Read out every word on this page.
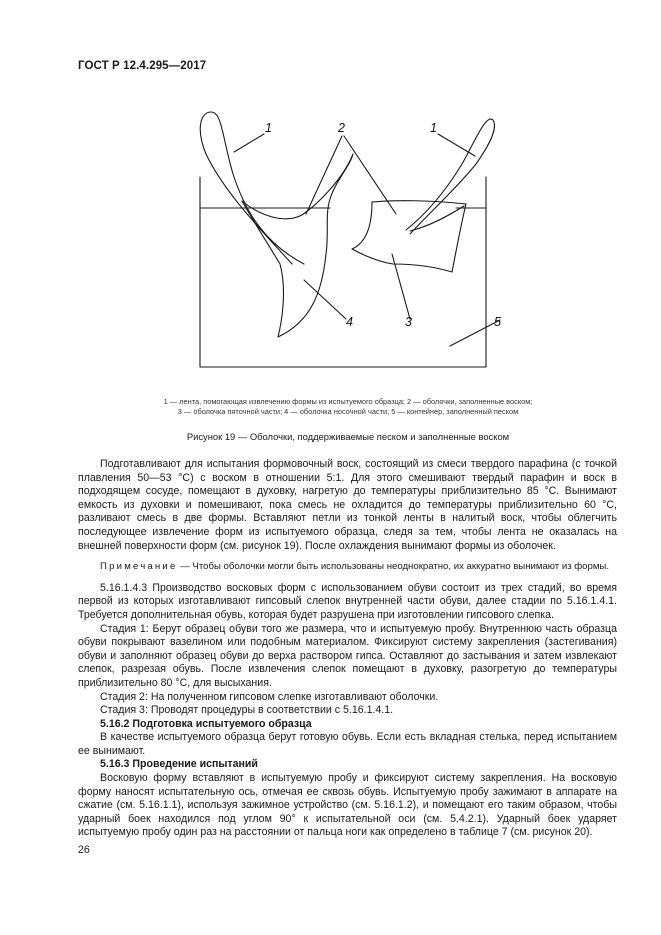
ГОСТ Р 12.4.295—2017
1	2	1
4	3	5
1 — лента, помогающая извлечению формы из испытуемого образца; 2 — оболочки, заполненные воском;
3 — оболочка пяточной части; 4 — оболочка носочной части; 5 — контейнер, заполненный песком
Рисунок 19 — Оболочки, поддерживаемые песком и заполненные воском

Подготавливают для испытания формовочный воск, состоящий из смеси твердого парафина (с точкой плавления 50—53 °С) с воском в отношении 5:1. Для этого смешивают твердый парафин и воск в подходящем сосуде, помещают в духовку, нагретую до температуры приблизительно 85 °С. Вынимают емкость из духовки и помешивают, пока смесь не охладится до температуры приблизительно 60 °С, разливают смесь в две формы. Вставляют петли из тонкой ленты в налитый воск, чтобы облегчить последующее извлечение форм из испытуемого образца, следя за тем, чтобы лента не оказалась на внешней поверхности форм (см. рисунок 19). После охлаждения вынимают формы из оболочек.

Примечание — Чтобы оболочки могли быть использованы неоднократно, их аккуратно вынимают из формы.

5.16.1.4.3 Производство восковых форм с использованием обуви состоит из трех стадий, во время первой из которых изготавливают гипсовый слепок внутренней части обуви, далее стадии по 5.16.1.4.1. Требуется дополнительная обувь, которая будет разрушена при изготовлении гипсового слепка.

Стадия 1: Берут образец обуви того же размера, что и испытуемую пробу. Внутреннюю часть образца обуви покрывают вазелином или подобным материалом. Фиксируют систему закрепления (застегивания) обуви и заполняют образец обуви до верха раствором гипса. Оставляют до застывания и затем извлекают слепок, разрезая обувь. После извлечения слепок помещают в духовку, разогретую до температуры приблизительно 80 °С, для высыхания.

Стадия 2: На полученном гипсовом слепке изготавливают оболочки.

Стадия 3: Проводят процедуры в соответствии с 5.16.1.4.1.

5.16.2 Подготовка испытуемого образца

В качестве испытуемого образца берут готовую обувь. Если есть вкладная стелька, перед испытанием ее вынимают.

5.16.3 Проведение испытаний

Восковую форму вставляют в испытуемую пробу и фиксируют систему закрепления. На восковую форму наносят испытательную ось, отмечая ее сквозь обувь. Испытуемую пробу зажимают в аппарате на сжатие (см. 5.16.1.1), используя зажимное устройство (см. 5.16.1.2), и помещают его таким образом, чтобы ударный боек находился под углом 90° к испытательной оси (см. 5.4.2.1). Ударный боек ударяет испытуемую пробу один раз на расстоянии от пальца ноги как определено в таблице 7 (см. рисунок 20).

26
